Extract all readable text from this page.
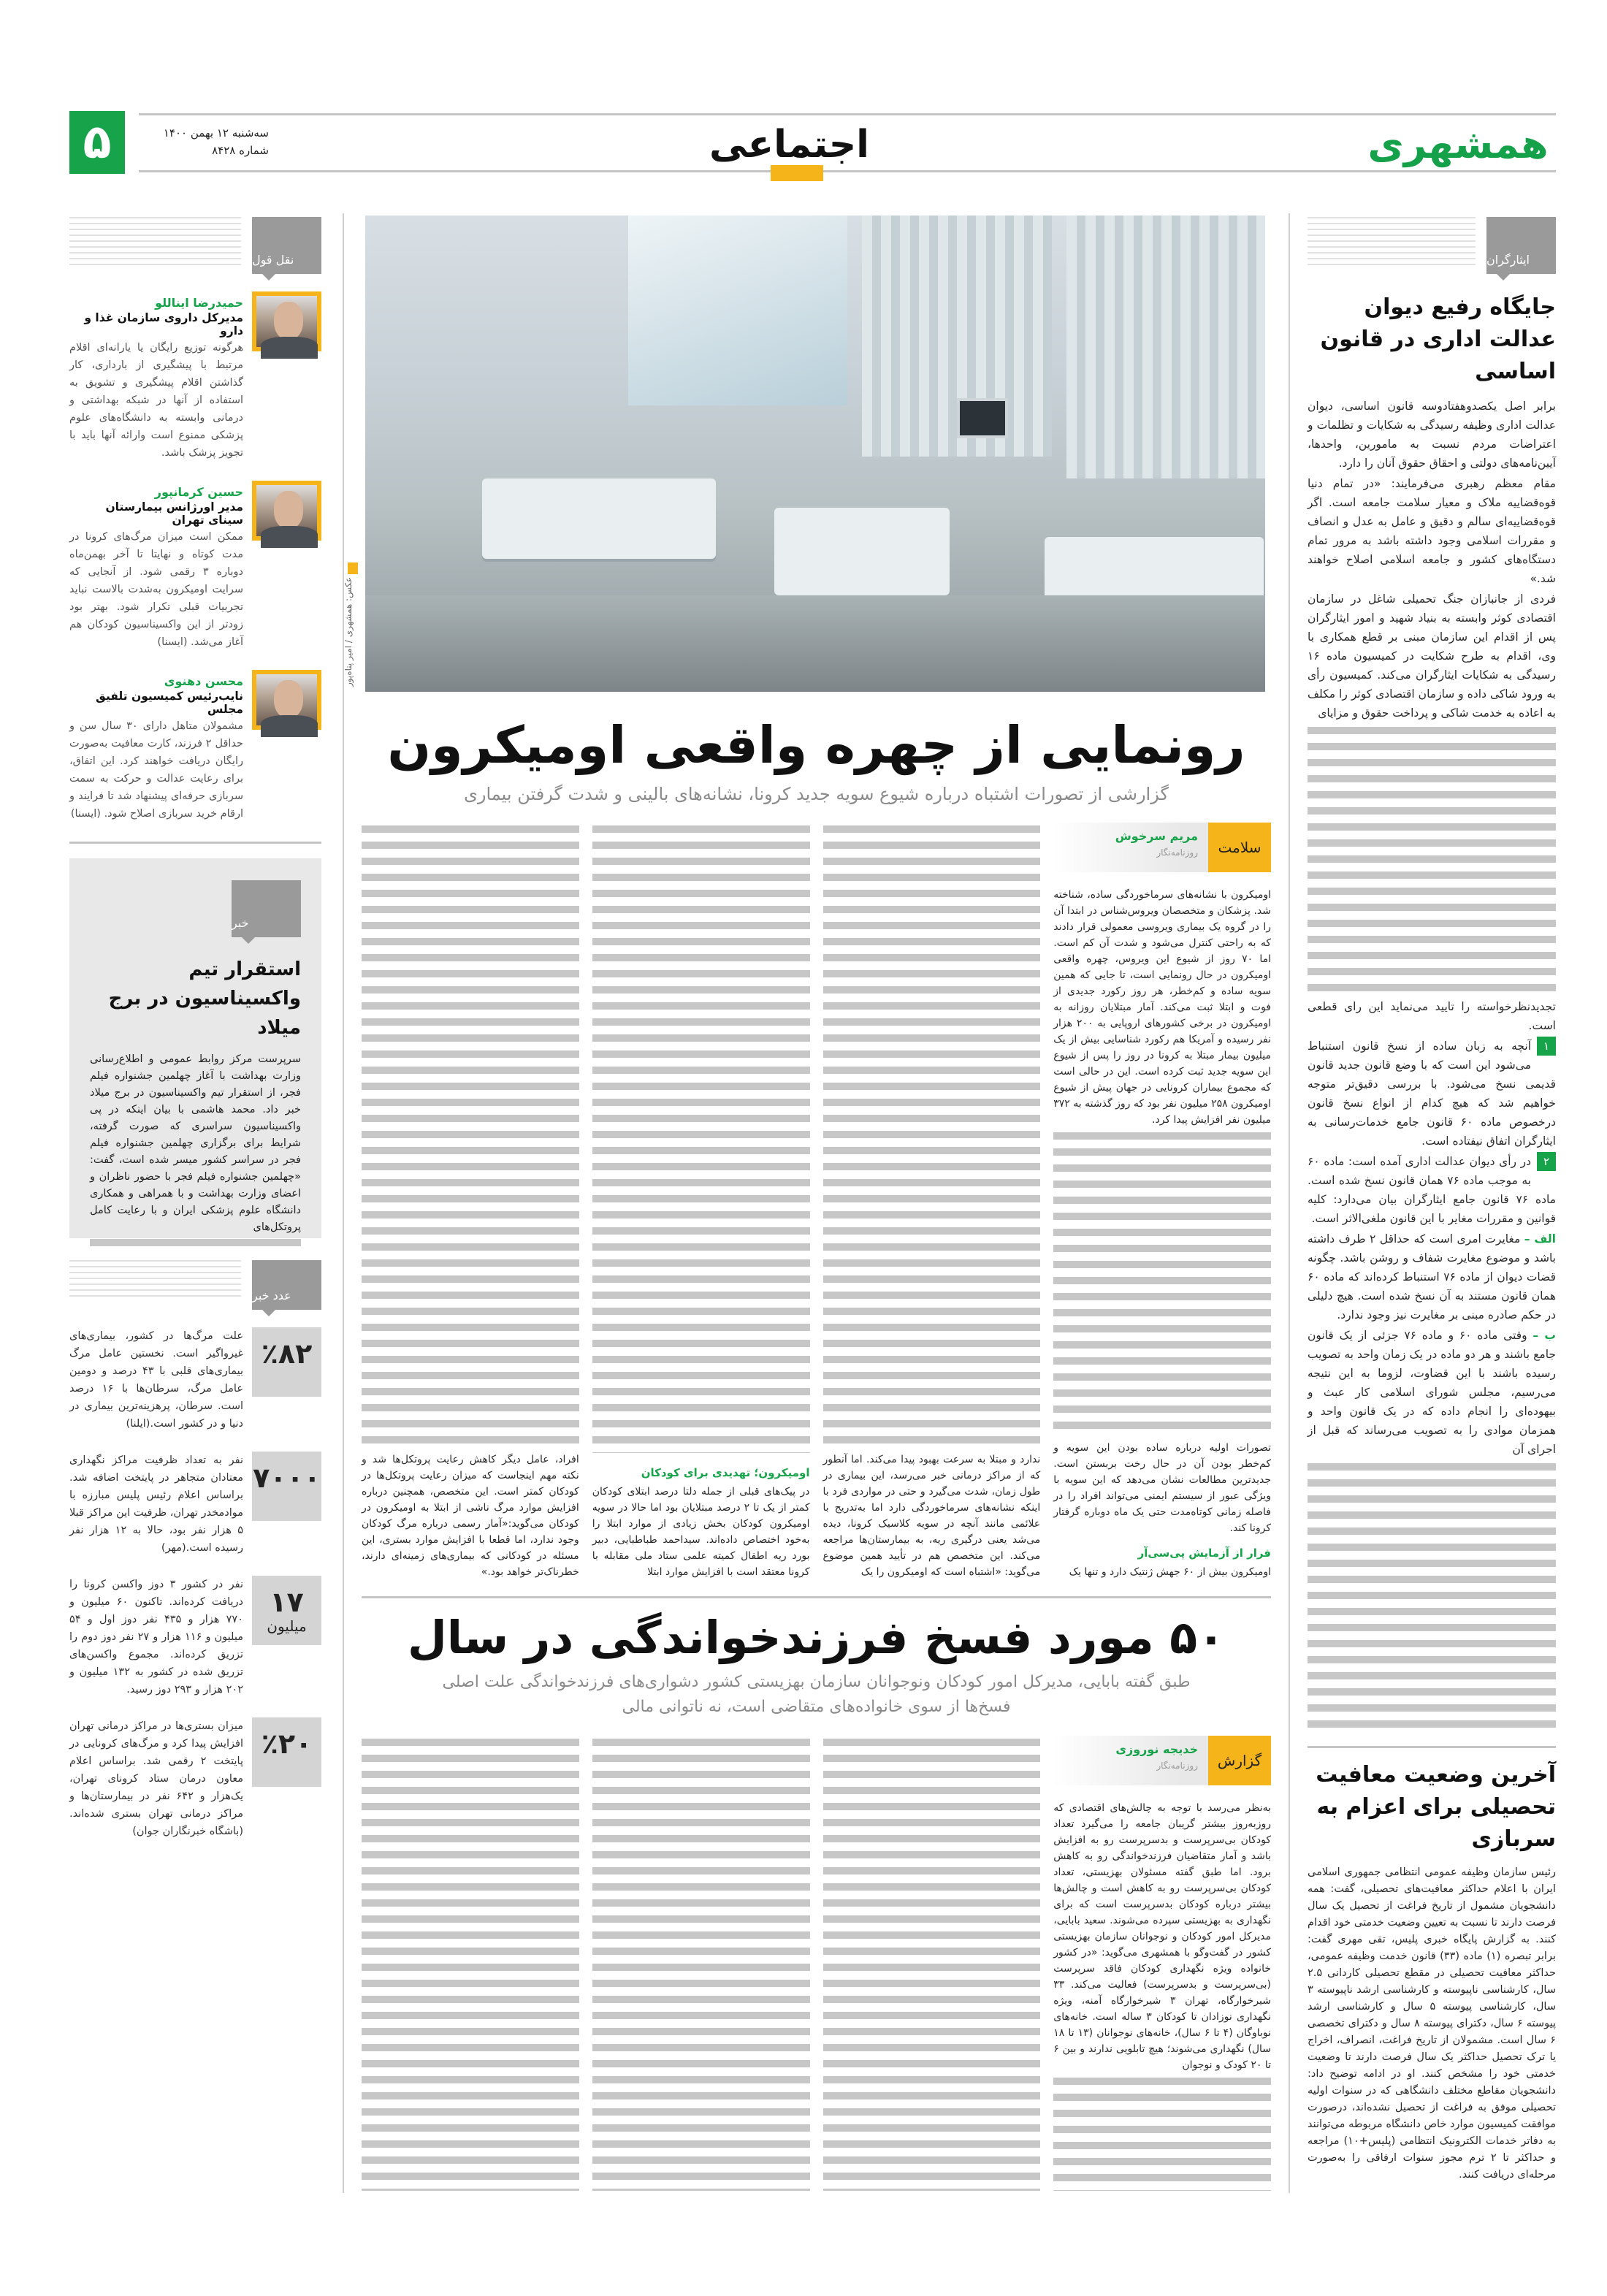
۵	سه‌شنبه ۱۲ بهمن ۱۴۰۰
شماره ۸۴۲۸	اجتماعی	همشهری
عکس: همشهری / امیر پناه‌پور
رونمایی از چهره واقعی اومیکرون
گزارشی از تصورات اشتباه درباره شیوع سویه جدید کرونا، نشانه‌های بالینی و شدت گرفتن بیماری
سلامت
مریم سرخوش
روزنامه‌نگار

اومیکرون با نشانه‌های سرماخوردگی ساده، شناخته شد. پزشکان و متخصصان ویروس‌شناس در ابتدا آن را در گروه یک بیماری ویروسی معمولی قرار دادند که به راحتی کنترل می‌شود و شدت آن کم است. اما ۷۰ روز از شیوع این ویروس، چهره واقعی اومیکرون در حال رونمایی است، تا جایی که همین سویه ساده و کم‌خطر، هر روز رکورد جدیدی از فوت و ابتلا ثبت می‌کند. آمار مبتلایان روزانه به اومیکرون در برخی کشورهای اروپایی به ۲۰۰ هزار نفر رسیده و آمریکا هم رکورد شناسایی بیش از یک میلیون بیمار مبتلا به کرونا در روز را پس از شیوع این سویه جدید ثبت کرده است. این در حالی است که مجموع بیماران کرونایی در جهان پیش از شیوع اومیکرون ۲۵۸ میلیون نفر بود که روز گذشته به ۳۷۲ میلیون نفر افزایش پیدا کرد.

تصورات اولیه درباره ساده بودن این سویه و کم‌خطر بودن آن در حال رخت بربستن است. جدیدترین مطالعات نشان می‌دهد که این سویه با ویژگی عبور از سیستم ایمنی می‌تواند افراد را در فاصله زمانی کوتاه‌مدت حتی یک ماه دوباره گرفتار کرونا کند.

فرار از آزمایش پی‌سی‌آر

اومیکرون بیش از ۶۰ جهش ژنتیک دارد و تنها یک

ندارد و مبتلا به سرعت بهبود پیدا می‌کند. اما آنطور که از مراکز درمانی خبر می‌رسد، این بیماری در طول زمان، شدت می‌گیرد و حتی در مواردی فرد با اینکه نشانه‌های سرماخوردگی دارد اما به‌تدریج با علائمی مانند آنچه در سویه کلاسیک کرونا، دیده می‌شد یعنی درگیری ریه، به بیمارستان‌ها مراجعه می‌کند. این متخصص هم در تأیید همین موضوع می‌گوید: «اشتباه است که اومیکرون را یک

اومیکرون؛ تهدیدی برای کودکان

در پیک‌های قبلی از جمله دلتا درصد ابتلای کودکان کمتر از یک تا ۲ درصد مبتلایان بود اما حالا در سویه اومیکرون کودکان بخش زیادی از موارد ابتلا را به‌خود اختصاص داده‌اند. سیداحمد طباطبایی، دبیر بورد ریه اطفال کمیته علمی ستاد ملی مقابله با کرونا معتقد است با افزایش موارد ابتلا

افراد، عامل دیگر کاهش رعایت پروتکل‌ها شد و نکته مهم اینجاست که میزان رعایت پروتکل‌ها در کودکان کمتر است. این متخصص، همچنین درباره افزایش موارد مرگ ناشی از ابتلا به اومیکرون در کودکان می‌گوید:«آمار رسمی درباره مرگ کودکان وجود ندارد، اما قطعا با افزایش موارد بستری، این مسئله در کودکانی که بیماری‌های زمینه‌ای دارند، خطرناک‌تر خواهد بود.»

۵۰ مورد فسخ فرزندخواندگی در سال
طبق گفته بابایی، مدیرکل امور کودکان ونوجوانان سازمان بهزیستی کشور دشواری‌های فرزندخواندگی علت اصلی فسخ‌ها از سوی خانواده‌های متقاضی است، نه ناتوانی مالی
گزارش
خدیجه نوروزی
روزنامه‌نگار

به‌نظر می‌رسد با توجه به چالش‌های اقتصادی که روزبه‌روز بیشتر گریبان جامعه را می‌گیرد تعداد کودکان بی‌سرپرست و بدسرپرست رو به افزایش باشد و آمار متقاضیان فرزندخواندگی رو به کاهش برود. اما طبق گفته مسئولان بهزیستی، تعداد کودکان بی‌سرپرست رو به کاهش است و چالش‌ها بیشتر درباره کودکان بدسرپرست است که برای نگهداری به بهزیستی سپرده می‌شوند. سعید بابایی، مدیرکل امور کودکان و نوجوانان سازمان بهزیستی کشور در گفت‌وگو با همشهری می‌گوید: «در کشور خانواده ویژه نگهداری کودکان فاقد سرپرست (بی‌سرپرست و بدسرپرست) فعالیت می‌کند. ۳۳ شیرخوارگاه، تهران ۳ شیرخوارگاه آمنه، ویژه نگهداری نوزادان تا کودکان ۳ ساله است. خانه‌های نوباوگان (۴ تا ۶ سال)، خانه‌های نوجوانان (۱۳ تا ۱۸ سال) نگهداری می‌شوند؛ هیچ تابلویی ندارند و بین ۶ تا ۲۰ کودک و نوجوان

ایثارگران
جایگاه رفیع دیوان عدالت اداری در قانون اساسی

برابر اصل یکصدوهفتادوسه قانون اساسی، دیوان عدالت اداری وظیفه رسیدگی به شکایات و تظلمات و اعتراضات مردم نسبت به مامورین، واحدها، آیین‌نامه‌های دولتی و احقاق حقوق آنان را دارد.

مقام معظم رهبری می‌فرمایند: «در تمام دنیا قوه‌قضاییه ملاک و معیار سلامت جامعه است. اگر قوه‌قضاییه‌ای سالم و دقیق و عامل به عدل و انصاف و مقررات اسلامی وجود داشته باشد به مرور تمام دستگاه‌های کشور و جامعه اسلامی اصلاح خواهند شد.»

فردی از جانبازان جنگ تحمیلی شاغل در سازمان اقتصادی کوثر وابسته به بنیاد شهید و امور ایثارگران پس از اقدام این سازمان مبنی بر قطع همکاری با وی، اقدام به طرح شکایت در کمیسیون ماده ۱۶ رسیدگی به شکایات ایثارگران می‌کند. کمیسیون رأی به ورود شاکی داده و سازمان اقتصادی کوثر را مکلف به اعاده به خدمت شاکی و پرداخت حقوق و مزایای

تجدیدنظرخواسته را تایید می‌نماید این رای قطعی است.

۱
آنچه به زبان ساده از نسخ قانون استنباط می‌شود این است که با وضع قانون جدید قانون قدیمی نسخ می‌شود. با بررسی دقیق‌تر متوجه خواهیم شد که هیچ کدام از انواع نسخ قانون درخصوص ماده ۶۰ قانون جامع خدمات‌رسانی به ایثارگران اتفاق نیفتاده است.

۲
در رأی دیوان عدالت اداری آمده است: ماده ۶۰ به موجب ماده ۷۶ همان قانون نسخ شده است. ماده ۷۶ قانون جامع ایثارگران بیان می‌دارد: کلیه قوانین و مقررات مغایر با این قانون ملغی‌الاثر است.

الف – مغایرت امری است که حداقل ۲ طرف داشته باشد و موضوع مغایرت شفاف و روشن باشد. چگونه قضات دیوان از ماده ۷۶ استنباط کرده‌اند که ماده ۶۰ همان قانون مستند به آن نسخ شده است. هیچ دلیلی در حکم صادره مبنی بر مغایرت نیز وجود ندارد.

ب – وقتی ماده ۶۰ و ماده ۷۶ جزئی از یک قانون جامع باشند و هر دو ماده در یک زمان واحد به تصویب رسیده باشند با این قضاوت، لزوما به این نتیجه می‌رسیم، مجلس شورای اسلامی کار عبث و بیهوده‌ای را انجام داده که در یک قانون واحد و همزمان موادی را به تصویب می‌رساند که قبل از اجرای آن

آخرین وضعیت معافیت تحصیلی برای اعزام به سربازی

رئیس سازمان وظیفه عمومی انتظامی جمهوری اسلامی ایران با اعلام حداکثر معافیت‌های تحصیلی، گفت: همه دانشجویان مشمول از تاریخ فراغت از تحصیل یک سال فرصت دارند تا نسبت به تعیین وضعیت خدمتی خود اقدام کنند. به گزارش پایگاه خبری پلیس، تقی مهری گفت: برابر تبصره (۱) ماده (۳۳) قانون خدمت وظیفه عمومی، حداکثر معافیت تحصیلی در مقطع تحصیلی کاردانی ۲.۵ سال، کارشناسی ناپیوسته و کارشناسی ارشد ناپیوسته ۳ سال، کارشناسی پیوسته ۵ سال و کارشناسی ارشد پیوسته ۶ سال، دکترای پیوسته ۸ سال و دکترای تخصصی ۶ سال است. مشمولان از تاریخ فراغت، انصراف، اخراج یا ترک تحصیل حداکثر یک سال فرصت دارند تا وضعیت خدمتی خود را مشخص کنند. او در ادامه توضیح داد: دانشجویان مقاطع مختلف دانشگاهی که در سنوات اولیه تحصیلی موفق به فراغت از تحصیل نشده‌اند، درصورت موافقت کمیسیون موارد خاص دانشگاه مربوطه می‌توانند به دفاتر خدمات الکترونیک انتظامی (پلیس+۱۰) مراجعه و حداکثر تا ۲ ترم مجوز سنوات ارفاقی را به‌صورت مرحله‌ای دریافت کنند.

نقل قول
حمیدرضا ایناللو
مدیرکل داروی سازمان غذا و دارو
هرگونه توزیع رایگان یا یارانه‌ای اقلام مرتبط با پیشگیری از بارداری، کار گذاشتن اقلام پیشگیری و تشویق به استفاده از آنها در شبکه بهداشتی و درمانی وابسته به دانشگاه‌های علوم پزشکی ممنوع است وارائه آنها باید با تجویز پزشک باشد.
حسین کرمانپور
مدیر اورژانس بیمارستان سینای تهران
ممکن است میزان مرگ‌های کرونا در مدت کوتاه و نهایتا تا آخر بهمن‌ماه دوباره ۳ رقمی شود. از آنجایی که سرایت اومیکرون به‌شدت بالاست نباید تجربیات قبلی تکرار شود. بهتر بود زودتر از این واکسیناسیون کودکان هم آغاز می‌شد. (ایسنا)
محسن دهنوی
نایب‌رئیس کمیسیون تلفیق مجلس
مشمولان متاهل دارای ۳۰ سال سن و حداقل ۲ فرزند، کارت معافیت به‌صورت رایگان دریافت خواهند کرد. این اتفاق، برای رعایت عدالت و حرکت به سمت سربازی حرفه‌ای پیشنهاد شد تا فرایند و ارقام خرید سربازی اصلاح شود. (ایسنا)
خبر
استقرار تیم واکسیناسیون در برج میلاد

سرپرست مرکز روابط عمومی و اطلاع‌رسانی وزارت بهداشت با آغاز چهلمین جشنواره فیلم فجر، از استقرار تیم واکسیناسیون در برج میلاد خبر داد. محمد هاشمی با بیان اینکه در پی واکسیناسیون سراسری که صورت گرفته، شرایط برای برگزاری چهلمین جشنواره فیلم فجر در سراسر کشور میسر شده است، گفت: «چهلمین جشنواره فیلم فجر با حضور ناظران و اعضای وزارت بهداشت و با همراهی و همکاری دانشگاه علوم پزشکی ایران و با رعایت کامل پروتکل‌های

عدد خبر
٪۸۲
علت مرگ‌ها در کشور، بیماری‌های غیرواگیر است. نخستین عامل مرگ بیماری‌های قلبی با ۴۳ درصد و دومین عامل مرگ، سرطان‌ها با ۱۶ درصد است. سرطان، پرهزینه‌ترین بیماری در دنیا و در کشور است.(ایلنا)
۷۰۰۰
نفر به تعداد ظرفیت مراکز نگهداری معتادان متجاهر در پایتخت اضافه شد. براساس اعلام رئیس پلیس مبارزه با موادمخدر تهران، ظرفیت این مراکز قبلا ۵ هزار نفر بود، حالا به ۱۲ هزار نفر رسیده است.(مهر)
۱۷
میلیون
نفر در کشور ۳ دوز واکسن کرونا را دریافت کرده‌اند. تاکنون ۶۰ میلیون و ۷۷۰ هزار و ۴۳۵ نفر دوز اول و ۵۴ میلیون و ۱۱۶ هزار و ۲۷ نفر دوز دوم را تزریق کرده‌اند. مجموع واکسن‌های تزریق شده در کشور به ۱۳۲ میلیون و ۲۰۲ هزار و ۲۹۳ دوز رسید.
٪۲۰
میزان بستری‌ها در مراکز درمانی تهران افزایش پیدا کرد و مرگ‌های کرونایی در پایتخت ۲ رقمی شد. براساس اعلام معاون درمان ستاد کرونای تهران، یک‌هزار و ۶۴۲ نفر در بیمارستان‌ها و مراکز درمانی تهران بستری شده‌اند. (باشگاه خبرنگاران جوان)
